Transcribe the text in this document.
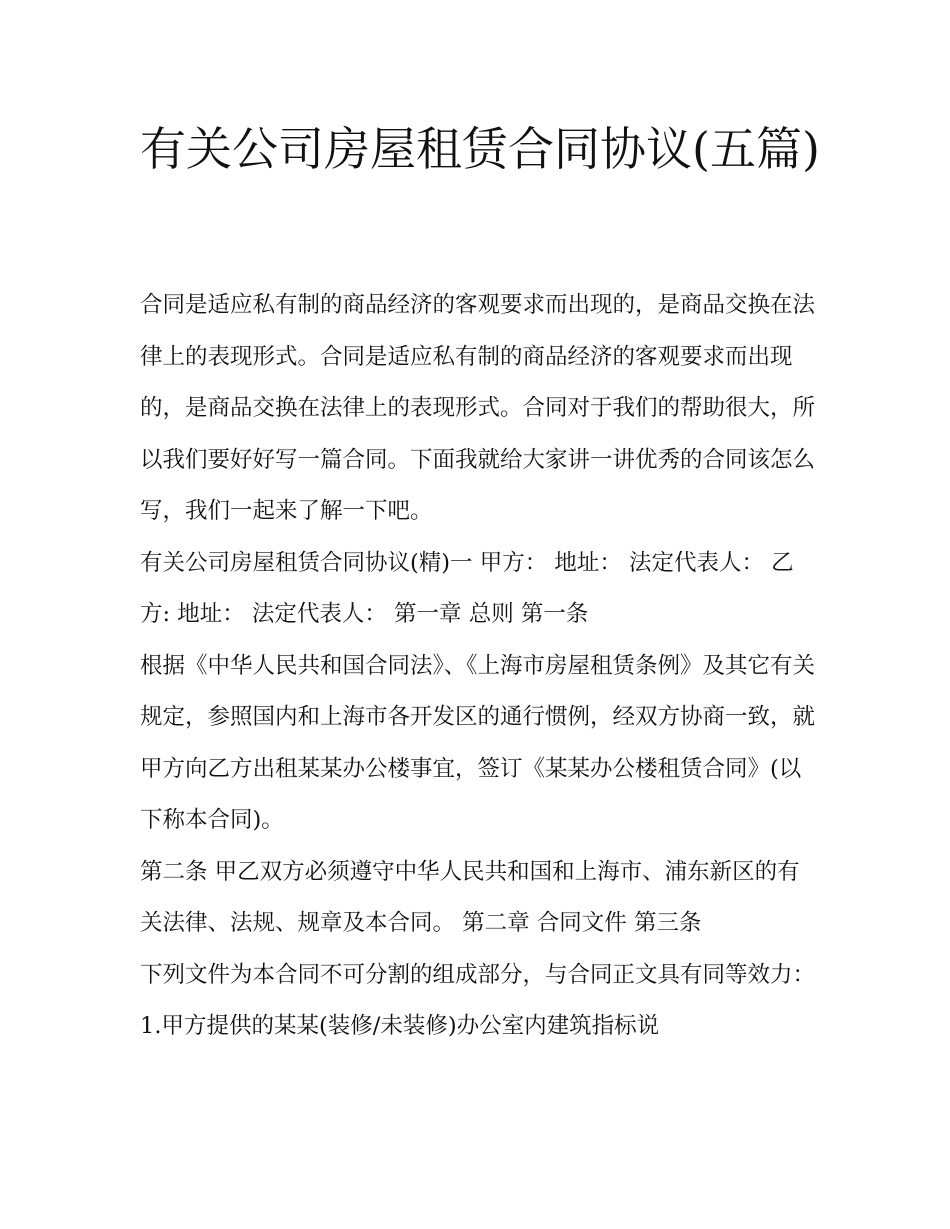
有关公司房屋租赁合同协议(五篇)

合同是适应私有制的商品经济的客观要求而出现的，是商品交换在法律上的表现形式。合同是适应私有制的商品经济的客观要求而出现的，是商品交换在法律上的表现形式。合同对于我们的帮助很大，所以我们要好好写一篇合同。下面我就给大家讲一讲优秀的合同该怎么写，我们一起来了解一下吧。

有关公司房屋租赁合同协议(精)一 甲方： 地址： 法定代表人： 乙方: 地址： 法定代表人： 第一章 总则 第一条

根据《中华人民共和国合同法》、《上海市房屋租赁条例》及其它有关规定，参照国内和上海市各开发区的通行惯例，经双方协商一致，就甲方向乙方出租某某办公楼事宜，签订《某某办公楼租赁合同》(以下称本合同)。

第二条 甲乙双方必须遵守中华人民共和国和上海市、浦东新区的有关法律、法规、规章及本合同。 第二章 合同文件 第三条

下列文件为本合同不可分割的组成部分，与合同正文具有同等效力： 1.甲方提供的某某(装修/未装修)办公室内建筑指标说
